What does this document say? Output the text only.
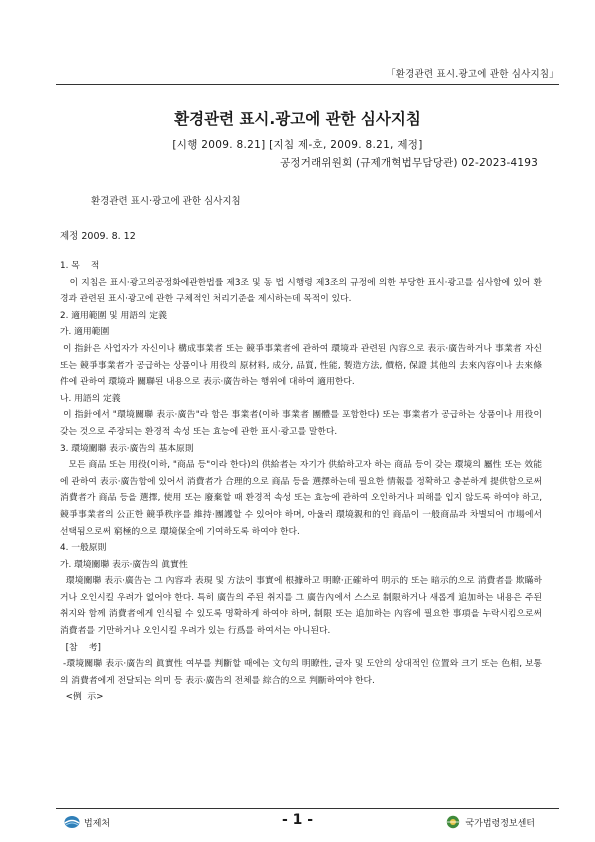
「환경관련 표시.광고에 관한 심사지침」
환경관련 표시.광고에 관한 심사지침
[시행 2009. 8.21] [지침 제-호, 2009. 8.21, 제정]
공정거래위원회 (규제개혁법무담당관) 02-2023-4193
환경관련 표시·광고에 관한 심사지침
제정 2009. 8. 12

1. 목    적

이 지침은 표시·광고의공정화에관한법률 제3조 및 동 법 시행령 제3조의 규정에 의한 부당한 표시·광고를 심사함에 있어 환경과 관련된 표시·광고에 관한 구체적인 처리기준을 제시하는데 목적이 있다.

2. 適用範圍 및 用語의 定義

가. 適用範圍

이 指針은 사업자가 자신이나 構成事業者 또는 競爭事業者에 관하여 環境과 관련된 內容으로 表示·廣告하거나 事業者 자신 또는 競爭事業者가 공급하는 상품이나 用役의 原材料, 成分, 品質, 性能, 製造方法, 價格, 保證 其他의 去來內容이나 去來條件에 관하여 環境과 關聯된 내용으로 表示·廣告하는 행위에 대하여 適用한다.

나. 用語의 定義

이 指針에서 "環境關聯 表示·廣告"라 함은 事業者(이하 事業者 團體를 포함한다) 또는 事業者가 공급하는 상품이나 用役이 갖는 것으로 주장되는 환경적 속성 또는 효능에 관한 표시·광고를 말한다.

3. 環境關聯 表示·廣告의 基本原則

모든 商品 또는 用役(이하, "商品 등"이라 한다)의 供給者는 자기가 供給하고자 하는 商品 등이 갖는 環境의 屬性 또는 效能에 관하여 表示·廣告함에 있어서 消費者가 合理的으로 商品 등을 選擇하는데 필요한 情報를 정확하고 충분하게 提供함으로써 消費者가 商品 등을 選擇, 使用 또는 廢棄할 때 환경적 속성 또는 효능에 관하여 오인하거나 피해를 입지 않도록 하여야 하고, 競爭事業者의 公正한 競爭秩序를 維持·團護할 수 있어야 하며, 아울러 環境親和的인 商品이 一般商品과 차별되어 市場에서 선택됨으로써 窮極的으로 環境保全에 기여하도록 하여야 한다.

4. 一般原則

가. 環境關聯 表示·廣告의 眞實性

環境關聯 表示·廣告는 그 內容과 表現 및 方法이 事實에 根據하고 明瞭·正確하여 明示的 또는 暗示的으로 消費者를 欺瞞하거나 오인시킬 우려가 없어야 한다. 특히 廣告의 주된 취지를 그 廣告內에서 스스로 制限하거나 새롭게 追加하는 내용은 주된 취지와 함께 消費者에게 인식될 수 있도록 명확하게 하여야 하며, 制限 또는 追加하는 內容에 필요한 事項을 누락시킴으로써 消費者를 기만하거나 오인시킬 우려가 있는 行爲를 하여서는 아니된다.

[참    考]

-環境關聯 表示·廣告의 眞實性 여부를 判斷할 때에는 文句의 明瞭性, 글자 및 도안의 상대적인 位置와 크기 또는 色相, 보통의 消費者에게 전달되는 의미 등 表示·廣告의 전체를 綜合的으로 判斷하여야 한다.

<例  示>

법제처	- 1 -	국가법령정보센터
